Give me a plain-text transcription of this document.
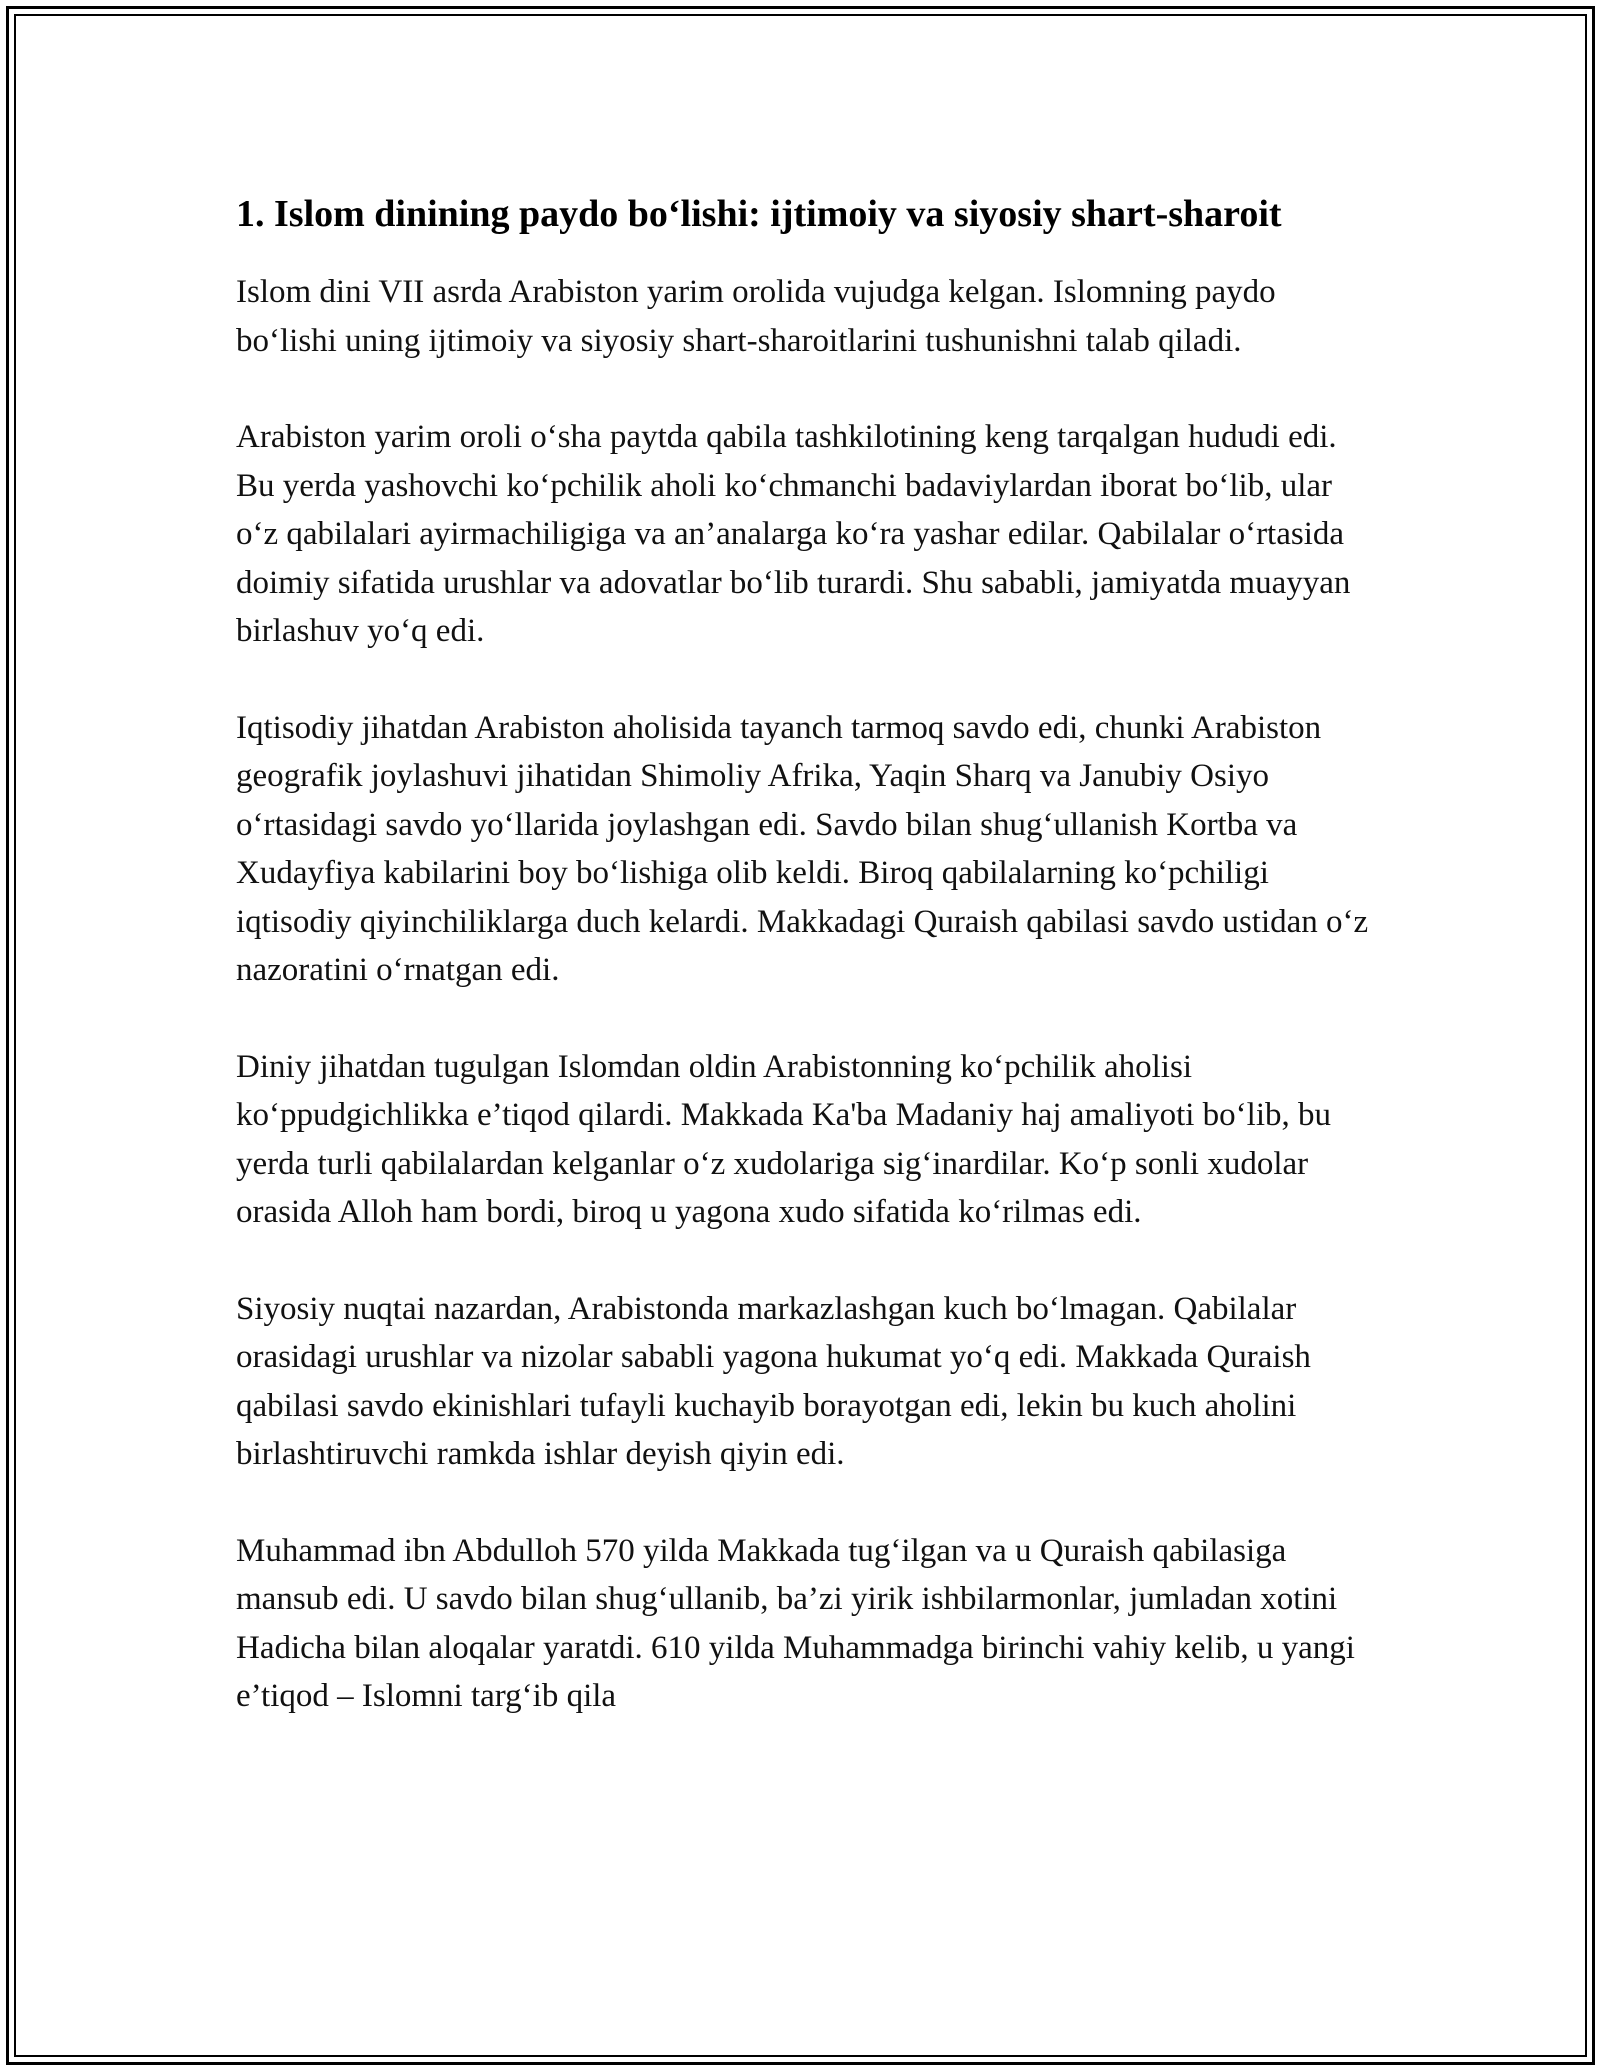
1. Islom dinining paydo bo‘lishi: ijtimoiy va siyosiy shart-sharoit

Islom dini VII asrda Arabiston yarim orolida vujudga kelgan. Islomning paydo bo‘lishi uning ijtimoiy va siyosiy shart-sharoitlarini tushunishni talab qiladi.

Arabiston yarim oroli o‘sha paytda qabila tashkilotining keng tarqalgan hududi edi. Bu yerda yashovchi ko‘pchilik aholi ko‘chmanchi badaviylardan iborat bo‘lib, ular o‘z qabilalari ayirmachiligiga va an’analarga ko‘ra yashar edilar. Qabilalar o‘rtasida doimiy sifatida urushlar va adovatlar bo‘lib turardi. Shu sababli, jamiyatda muayyan birlashuv yo‘q edi.

Iqtisodiy jihatdan Arabiston aholisida tayanch tarmoq savdo edi, chunki Arabiston geografik joylashuvi jihatidan Shimoliy Afrika, Yaqin Sharq va Janubiy Osiyo o‘rtasidagi savdo yo‘llarida joylashgan edi. Savdo bilan shug‘ullanish Kortba va Xudayfiya kabilarini boy bo‘lishiga olib keldi. Biroq qabilalarning ko‘pchiligi iqtisodiy qiyinchiliklarga duch kelardi. Makkadagi Quraish qabilasi savdo ustidan o‘z nazoratini o‘rnatgan edi.

Diniy jihatdan tugulgan Islomdan oldin Arabistonning ko‘pchilik aholisi ko‘ppudgichlikka e’tiqod qilardi. Makkada Ka'ba Madaniy haj amaliyoti bo‘lib, bu yerda turli qabilalardan kelganlar o‘z xudolariga sig‘inardilar. Ko‘p sonli xudolar orasida Alloh ham bordi, biroq u yagona xudo sifatida ko‘rilmas edi.

Siyosiy nuqtai nazardan, Arabistonda markazlashgan kuch bo‘lmagan. Qabilalar orasidagi urushlar va nizolar sababli yagona hukumat yo‘q edi. Makkada Quraish qabilasi savdo ekinishlari tufayli kuchayib borayotgan edi, lekin bu kuch aholini birlashtiruvchi ramkda ishlar deyish qiyin edi.

Muhammad ibn Abdulloh 570 yilda Makkada tug‘ilgan va u Quraish qabilasiga mansub edi. U savdo bilan shug‘ullanib, ba’zi yirik ishbilarmonlar, jumladan xotini Hadicha bilan aloqalar yaratdi. 610 yilda Muhammadga birinchi vahiy kelib, u yangi e’tiqod – Islomni targ‘ib qila
